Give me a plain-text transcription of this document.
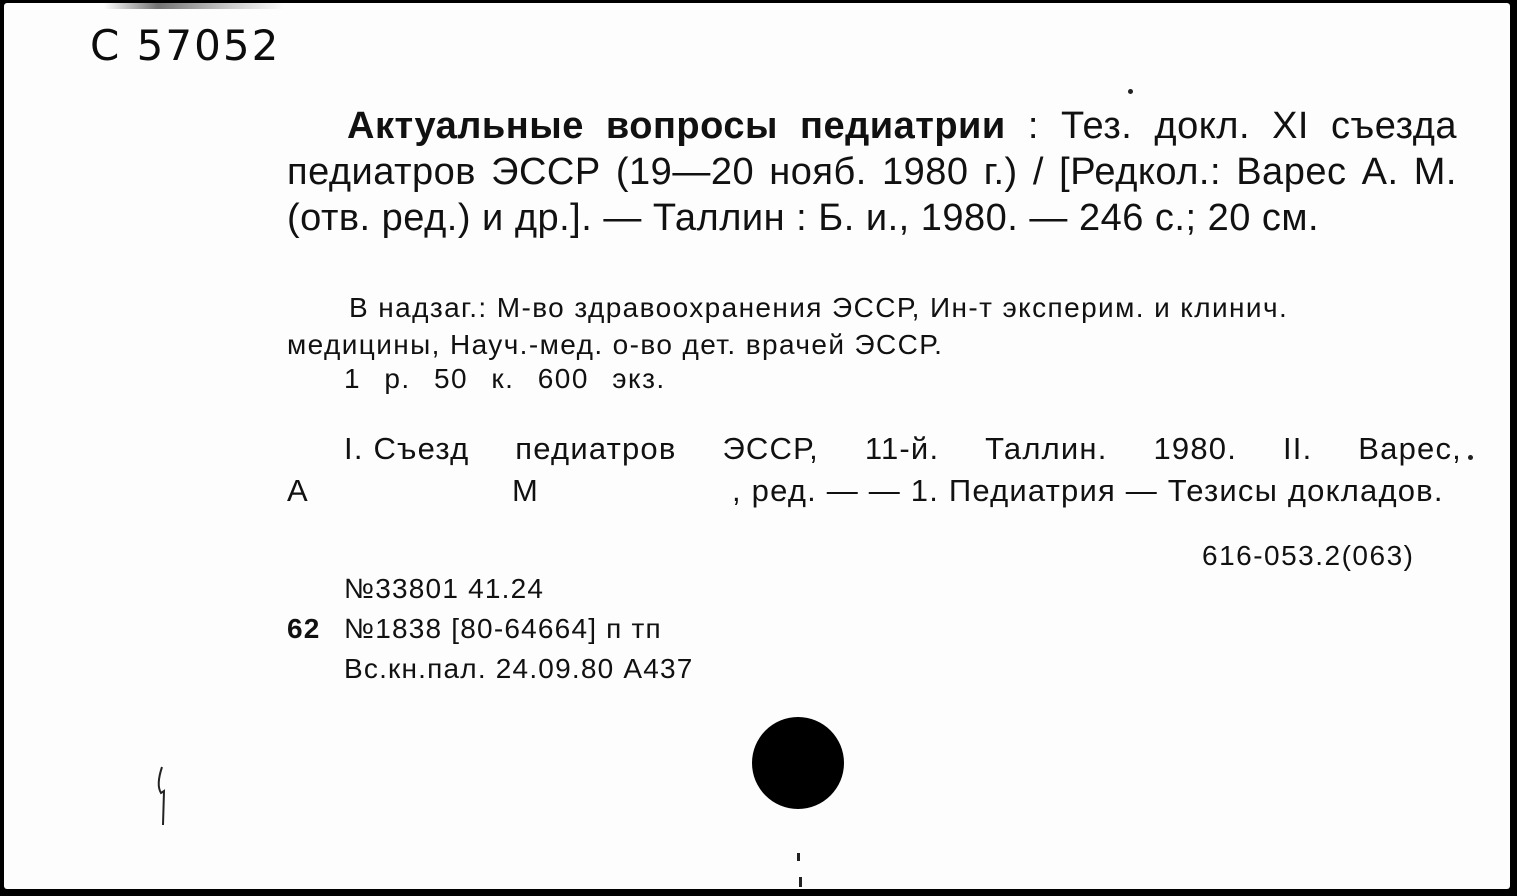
С 57052
Актуальные вопросы педиатрии : Тез. докл. XI съезда педиатров ЭССР (19—20 нояб. 1980 г.) / [Редкол.: Варес А. М. (отв. ред.) и др.]. — Таллин : Б. и., 1980. — 246 с.; 20 см.
В надзаг.: М-во здравоохранения ЭССР, Ин-т эксперим. и клинич.
медицины, Науч.-мед. о-во дет. врачей ЭССР.
1 р. 50 к. 600 экз.
I. Съезд педиатров ЭССР, 11-й. Таллин. 1980. II. Варес,
А	М	, ред. — — 1. Педиатрия — Тезисы докладов.
616-053.2(063)
№33801 41.24
62 №1838 [80-64664] п тп
Вс.кн.пал. 24.09.80 А437
